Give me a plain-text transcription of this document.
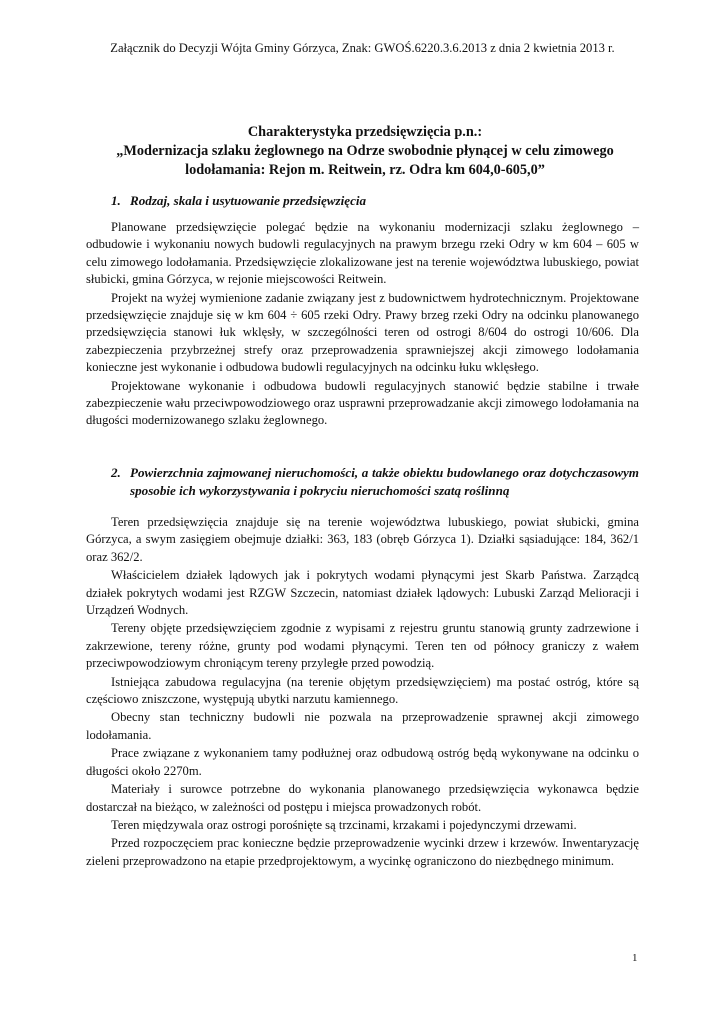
Załącznik do Decyzji Wójta Gminy Górzyca, Znak: GWOŚ.6220.3.6.2013 z dnia 2 kwietnia 2013 r.
Charakterystyka przedsięwzięcia p.n.:
„Modernizacja szlaku żeglownego na Odrze swobodnie płynącej w celu zimowego lodołamania: Rejon m. Reitwein, rz. Odra km 604,0-605,0”
1. Rodzaj, skala i usytuowanie przedsięwzięcia

Planowane przedsięwzięcie polegać będzie na wykonaniu modernizacji szlaku żeglownego – odbudowie i wykonaniu nowych budowli regulacyjnych na prawym brzegu rzeki Odry w km 604 – 605 w celu zimowego lodołamania. Przedsięwzięcie zlokalizowane jest na terenie województwa lubuskiego, powiat słubicki, gmina Górzyca, w rejonie miejscowości Reitwein.

Projekt na wyżej wymienione zadanie związany jest z budownictwem hydrotechnicznym. Projektowane przedsięwzięcie znajduje się w km 604 ÷ 605 rzeki Odry. Prawy brzeg rzeki Odry na odcinku planowanego przedsięwzięcia stanowi łuk wklęsły, w szczególności teren od ostrogi 8/604 do ostrogi 10/606. Dla zabezpieczenia przybrzeżnej strefy oraz przeprowadzenia sprawniejszej akcji zimowego lodołamania konieczne jest wykonanie i odbudowa budowli regulacyjnych na odcinku łuku wklęsłego.

Projektowane wykonanie i odbudowa budowli regulacyjnych stanowić będzie stabilne i trwałe zabezpieczenie wału przeciwpowodziowego oraz usprawni przeprowadzanie akcji zimowego lodołamania na długości modernizowanego szlaku żeglownego.

2. Powierzchnia zajmowanej nieruchomości, a także obiektu budowlanego oraz dotychczasowym sposobie ich wykorzystywania i pokryciu nieruchomości szatą roślinną

Teren przedsięwzięcia znajduje się na terenie województwa lubuskiego, powiat słubicki, gmina Górzyca, a swym zasięgiem obejmuje działki: 363, 183 (obręb Górzyca 1). Działki sąsiadujące: 184, 362/1 oraz 362/2.

Właścicielem działek lądowych jak i pokrytych wodami płynącymi jest Skarb Państwa. Zarządcą działek pokrytych wodami jest RZGW Szczecin, natomiast działek lądowych: Lubuski Zarząd Melioracji i Urządzeń Wodnych.

Tereny objęte przedsięwzięciem zgodnie z wypisami z rejestru gruntu stanowią grunty zadrzewione i zakrzewione, tereny różne, grunty pod wodami płynącymi. Teren ten od północy graniczy z wałem przeciwpowodziowym chroniącym tereny przyległe przed powodzią.

Istniejąca zabudowa regulacyjna (na terenie objętym przedsięwzięciem) ma postać ostróg, które są częściowo zniszczone, występują ubytki narzutu kamiennego.

Obecny stan techniczny budowli nie pozwala na przeprowadzenie sprawnej akcji zimowego lodołamania.

Prace związane z wykonaniem tamy podłużnej oraz odbudową ostróg będą wykonywane na odcinku o długości około 2270m.

Materiały i surowce potrzebne do wykonania planowanego przedsięwzięcia wykonawca będzie dostarczał na bieżąco, w zależności od postępu i miejsca prowadzonych robót.

Teren międzywala oraz ostrogi porośnięte są trzcinami, krzakami i pojedynczymi drzewami.

Przed rozpoczęciem prac konieczne będzie przeprowadzenie wycinki drzew i krzewów. Inwentaryzację zieleni przeprowadzono na etapie przedprojektowym, a wycinkę ograniczono do niezbędnego minimum.

1
